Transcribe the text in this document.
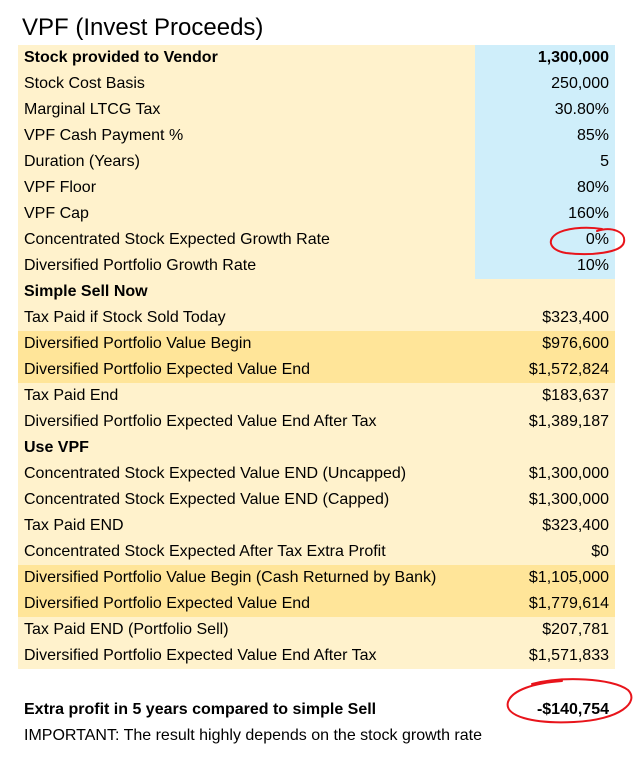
VPF (Invest Proceeds)
Stock provided to Vendor	1,300,000
Stock Cost Basis	250,000
Marginal LTCG Tax	30.80%
VPF Cash Payment %	85%
Duration (Years)	5
VPF Floor	80%
VPF Cap	160%
Concentrated Stock Expected Growth Rate	0%
Diversified Portfolio Growth Rate	10%
Simple Sell Now
Tax Paid if Stock Sold Today	$323,400
Diversified Portfolio Value Begin	$976,600
Diversified Portfolio Expected Value End	$1,572,824
Tax Paid End	$183,637
Diversified Portfolio Expected Value End After Tax	$1,389,187
Use VPF
Concentrated Stock Expected Value END (Uncapped)	$1,300,000
Concentrated Stock Expected Value END (Capped)	$1,300,000
Tax Paid END	$323,400
Concentrated Stock Expected After Tax Extra Profit	$0
Diversified Portfolio Value Begin (Cash Returned by Bank)	$1,105,000
Diversified Portfolio Expected Value End	$1,779,614
Tax Paid END (Portfolio Sell)	$207,781
Diversified Portfolio Expected Value End After Tax	$1,571,833
Extra profit in 5 years compared to simple Sell	-$140,754
IMPORTANT: The result highly depends on the stock growth rate
